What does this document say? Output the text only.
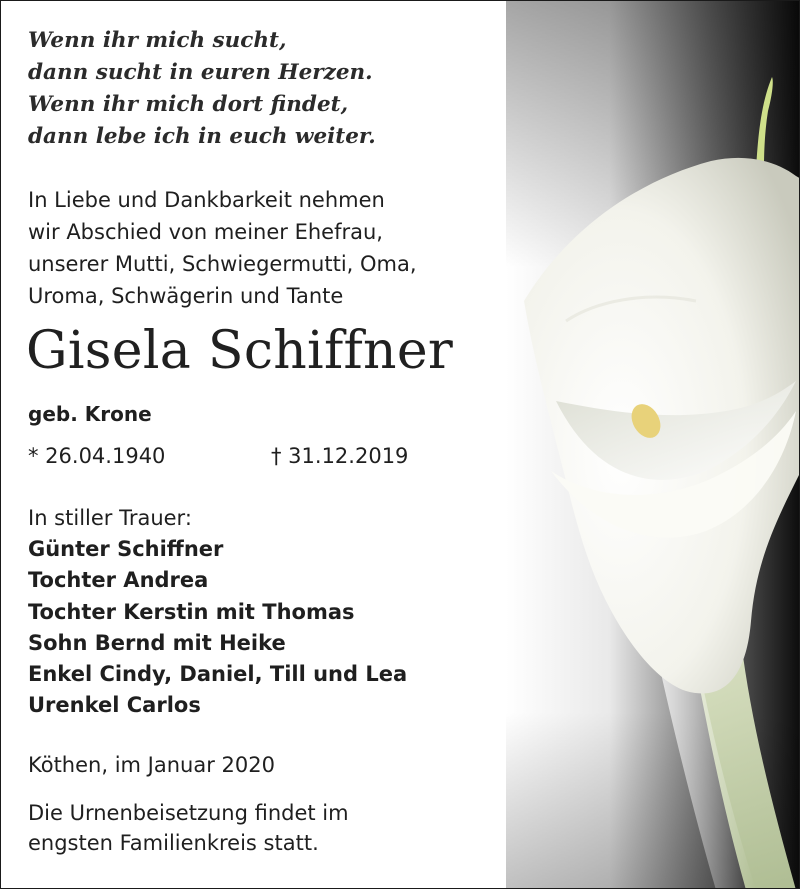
Wenn ihr mich sucht,
dann sucht in euren Herzen.
Wenn ihr mich dort findet,
dann lebe ich in euch weiter.
In Liebe und Dankbarkeit nehmen
wir Abschied von meiner Ehefrau,
unserer Mutti, Schwiegermutti, Oma,
Uroma, Schwägerin und Tante
Gisela Schiffner
geb. Krone
* 26.04.1940	† 31.12.2019
In stiller Trauer:
Günter Schiffner
Tochter Andrea
Tochter Kerstin mit Thomas
Sohn Bernd mit Heike
Enkel Cindy, Daniel, Till und Lea
Urenkel Carlos
Köthen, im Januar 2020
Die Urnenbeisetzung findet im
engsten Familienkreis statt.
